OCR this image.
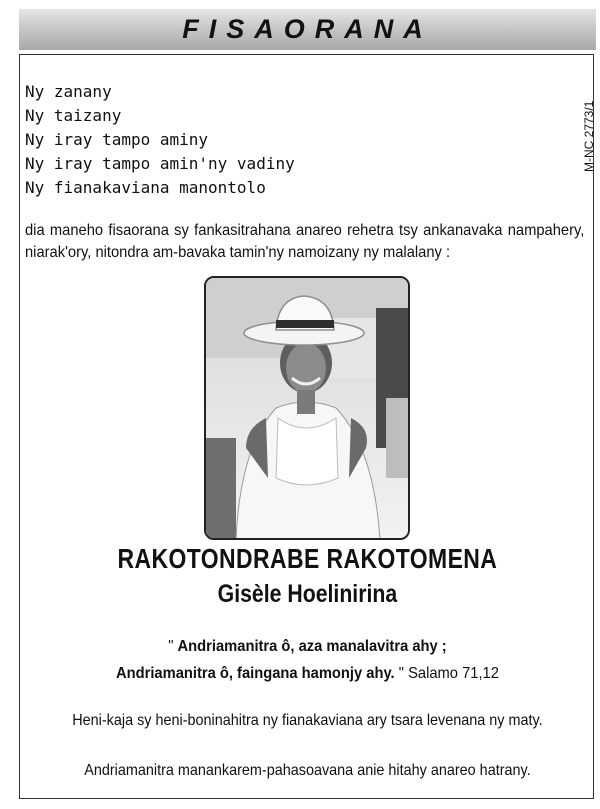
FISAORANA
Ny zanany
Ny taizany
Ny iray tampo aminy
Ny iray tampo amin'ny vadiny
Ny fianakaviana manontolo
M-NC 2773/1
dia maneho fisaorana sy fankasitrahana anareo rehetra tsy ankanavaka nampahery, niarak'ory, nitondra am-bavaka tamin'ny namoizany ny malalany :
RAKOTONDRABE RAKOTOMENA
Gisèle Hoelinirina
" Andriamanitra ô, aza manalavitra ahy ;
Andriamanitra ô, faingana hamonjy ahy. " Salamo 71,12
Heni-kaja sy heni-boninahitra ny fianakaviana ary tsara levenana ny maty.
Andriamanitra manankarem-pahasoavana anie hitahy anareo hatrany.
